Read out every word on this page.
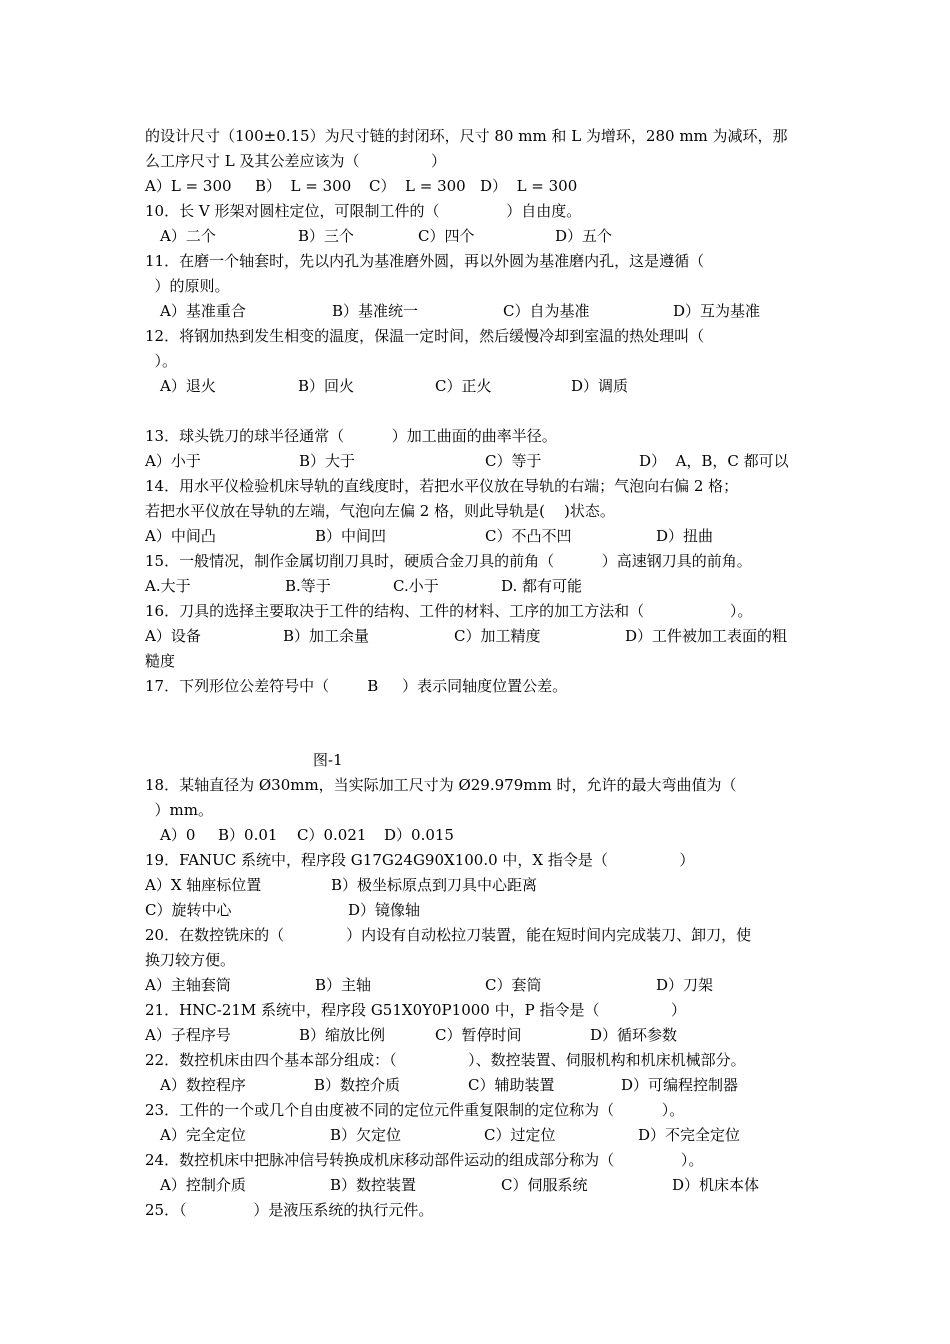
的设计尺寸（100±0.15）为尺寸链的封闭环，尺寸 80 mm 和 L 为增环，280 mm 为减环，那
么工序尺寸 L 及其公差应该为（               ）
A）L = 300 B）  L = 300 C）  L = 300 D）  L = 300
10．长 V 形架对圆柱定位，可限制工件的（              ）自由度。
A）二个	B）三个	C）四个	D）五个
11．在磨一个轴套时，先以内孔为基准磨外圆，再以外圆为基准磨内孔，这是遵循（
）的原则。
A）基准重合	B）基准统一	C）自为基准	D）互为基准
12．将钢加热到发生相变的温度，保温一定时间，然后缓慢冷却到室温的热处理叫（
）。
A）退火	B）回火	C）正火	D）调质
13．球头铣刀的球半径通常（          ）加工曲面的曲率半径。
A）小于	B）大于	C）等于	D）  A，B，C 都可以
14．用水平仪检验机床导轨的直线度时，若把水平仪放在导轨的右端；气泡向右偏 2 格；
若把水平仪放在导轨的左端，气泡向左偏 2 格，则此导轨是(    )状态。
A）中间凸	B）中间凹	C）不凸不凹	D）扭曲
15．一般情况，制作金属切削刀具时，硬质合金刀具的前角（          ）高速钢刀具的前角。
A.大于	B.等于	C.小于	D. 都有可能
16．刀具的选择主要取决于工件的结构、工件的材料、工序的加工方法和（                  ）。
A）设备	B）加工余量	C）加工精度	D）工件被加工表面的粗
糙度
17．下列形位公差符号中（        B     ）表示同轴度位置公差。
图-1
18．某轴直径为 Ø30mm，当实际加工尺寸为 Ø29.979mm 时，允许的最大弯曲值为（
）mm。
A）0 B）0.01 C）0.021 D）0.015
19．FANUC 系统中，程序段 G17G24G90X100.0 中，X 指令是（               ）
A）X 轴座标位置	B）极坐标原点到刀具中心距离
C）旋转中心	D）镜像轴
20．在数控铣床的（             ）内设有自动松拉刀装置，能在短时间内完成装刀、卸刀，使
换刀较方便。
A）主轴套筒	B）主轴	C）套筒	D）刀架
21．HNC-21M 系统中，程序段 G51X0Y0P1000 中，P 指令是（               ）
A）子程序号	B）缩放比例	C）暂停时间	D）循环参数
22．数控机床由四个基本部分组成：（               ）、数控装置、伺服机构和机床机械部分。
A）数控程序	B）数控介质	C）辅助装置	D）可编程控制器
23．工件的一个或几个自由度被不同的定位元件重复限制的定位称为（          ）。
A）完全定位	B）欠定位	C）过定位	D）不完全定位
24．数控机床中把脉冲信号转换成机床移动部件运动的组成部分称为（              ）。
A）控制介质	B）数控装置	C）伺服系统	D）机床本体
25．（              ）是液压系统的执行元件。
